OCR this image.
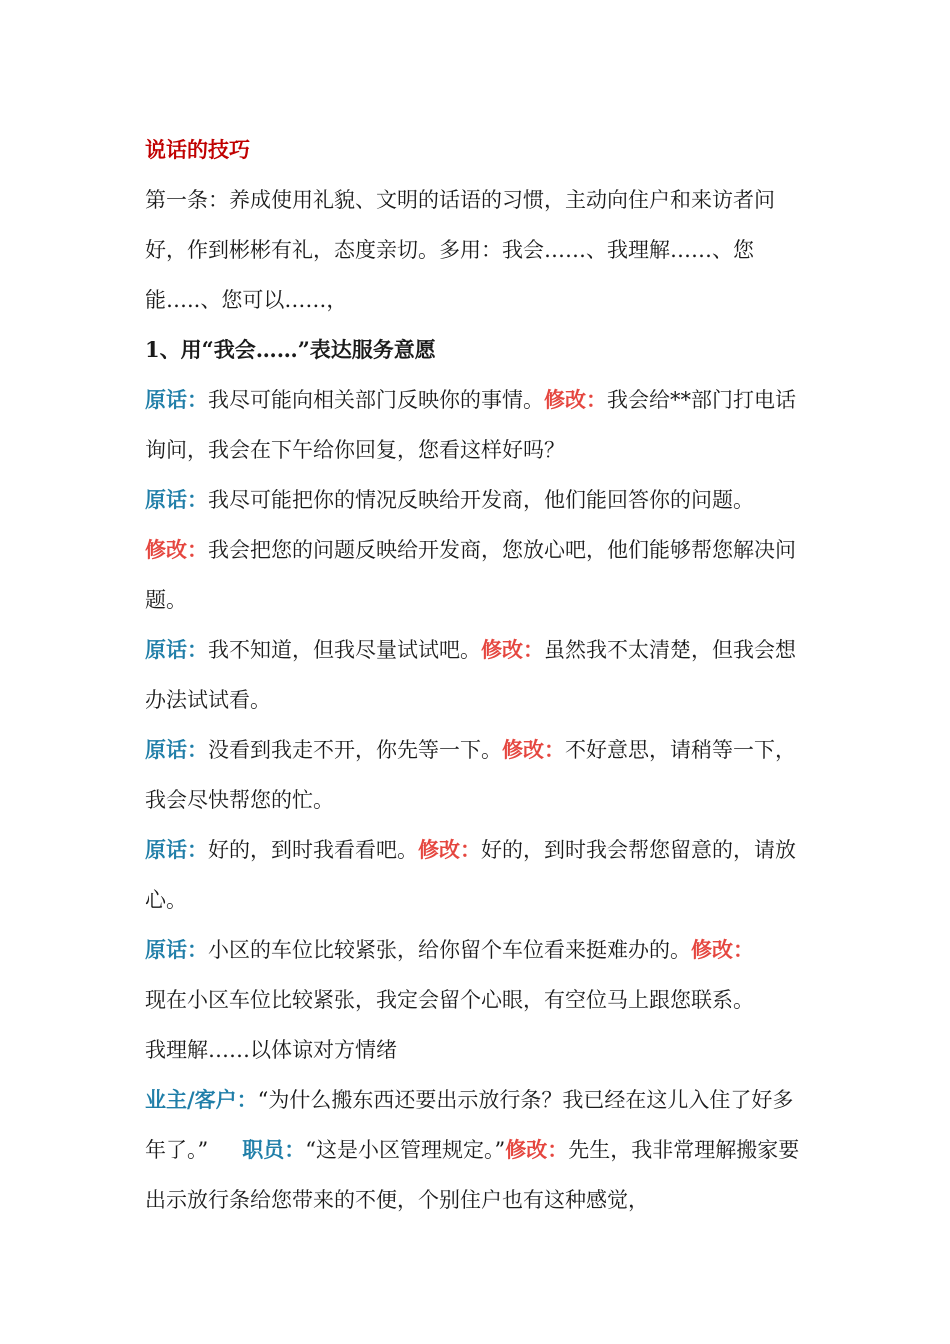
说话的技巧

第一条：养成使用礼貌、文明的话语的习惯，主动向住户和来访者问好，作到彬彬有礼，态度亲切。多用：我会……、我理解……、您能…..、您可以……，

1、用“我会……”表达服务意愿

原话：我尽可能向相关部门反映你的事情。修改：我会给**部门打电话询问，我会在下午给你回复，您看这样好吗？

原话：我尽可能把你的情况反映给开发商，他们能回答你的问题。
修改：我会把您的问题反映给开发商，您放心吧，他们能够帮您解决问题。

原话：我不知道，但我尽量试试吧。修改：虽然我不太清楚，但我会想办法试试看。

原话：没看到我走不开，你先等一下。修改：不好意思，请稍等一下，我会尽快帮您的忙。

原话：好的，到时我看看吧。修改：好的，到时我会帮您留意的，请放心。

原话：小区的车位比较紧张，给你留个车位看来挺难办的。修改：
现在小区车位比较紧张，我定会留个心眼，有空位马上跟您联系。

我理解……以体谅对方情绪

业主/客户：“为什么搬东西还要出示放行条？我已经在这儿入住了好多年了。” 职员：“这是小区管理规定。”修改：先生，我非常理解搬家要出示放行条给您带来的不便，个别住户也有这种感觉，
